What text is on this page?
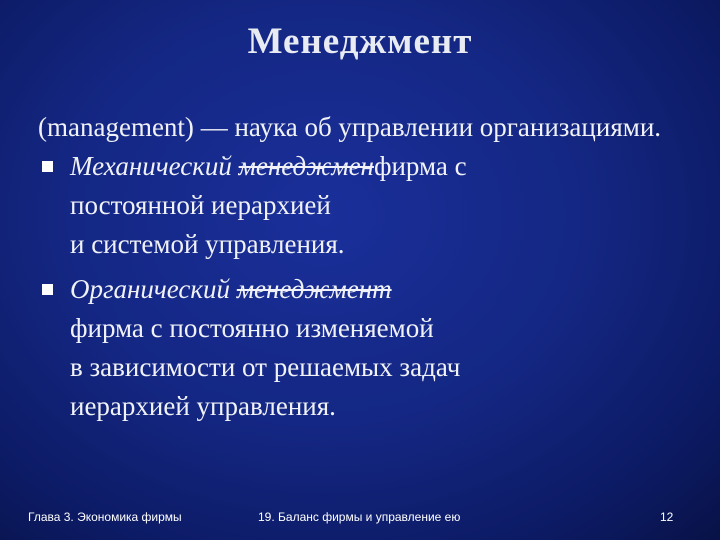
Менеджмент

(management) — наука об управлении организациями.

Механический менеджменфирма с
постоянной иерархией
и системой управления.
Органический менеджмент
фирма с постоянно изменяемой
в зависимости от решаемых задач
иерархией управления.
Глава 3. Экономика фирмы	19. Баланс фирмы и управление ею	12
